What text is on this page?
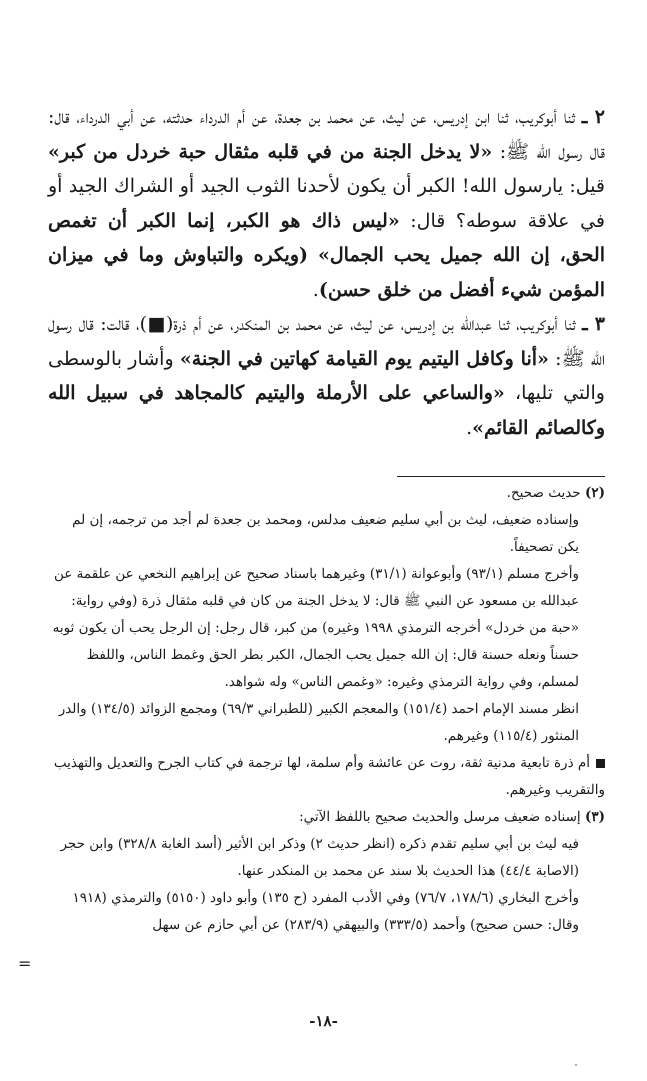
٢ ـ ثنا أبوكريب، ثنا ابن إدريس، عن ليث، عن محمد بن جعدة، عن أم الدرداء حدثته، عن أبي الدرداء، قال: قال رسول الله ﷺ: «لا يدخل الجنة من في قلبه مثقال حبة خردل من كبر» قيل: يارسول الله! الكبر أن يكون لأحدنا الثوب الجيد أو الشراك الجيد أو في علاقة سوطه؟ قال: «ليس ذاك هو الكبر، إنما الكبر أن تغمص الحق، إن الله جميل يحب الجمال» (ويكره والتباوش وما في ميزان المؤمن شيء أفضل من خلق حسن).

٣ ـ ثنا أبوكريب، ثنا عبدالله بن إدريس، عن ليث، عن محمد بن المنكدر، عن أم ذرة(■)، قالت: قال رسول الله ﷺ: «أنا وكافل اليتيم يوم القيامة كهاتين في الجنة» وأشار بالوسطى والتي تليها، «والساعي على الأرملة واليتيم كالمجاهد في سبيل الله وكالصائم القائم».

(٢) حديث صحيح.

وإسناده ضعيف، ليث بن أبي سليم ضعيف مدلس، ومحمد بن جعدة لم أجد من ترجمه، إن لم يكن تصحيفاً.

وأخرج مسلم (٩٣/١) وأبوعوانة (٣١/١) وغيرهما باسناد صحيح عن إبراهيم النخعي عن علقمة عن عبدالله بن مسعود عن النبي ﷺ قال: لا يدخل الجنة من كان في قلبه مثقال ذرة (وفي رواية: «حبة من خردل» أخرجه الترمذي ١٩٩٨ وغيره) من كبر، قال رجل: إن الرجل يحب أن يكون ثوبه حسناً ونعله حسنة قال: إن الله جميل يحب الجمال، الكبر بطر الحق وغمط الناس، واللفظ لمسلم، وفي رواية الترمذي وغيره: «وغمص الناس» وله شواهد.

انظر مسند الإمام احمد (١٥١/٤) والمعجم الكبير (للطبراني ٦٩/٣) ومجمع الزوائد (١٣٤/٥) والدر المنثور (١١٥/٤) وغيرهم.

أم ذرة تابعية مدنية ثقة، روت عن عائشة وأم سلمة، لها ترجمة في كتاب الجرح والتعديل والتهذيب والتقريب وغيرهم.

(٣) إسناده ضعيف مرسل والحديث صحيح باللفظ الآتي:

فيه ليث بن أبي سليم تقدم ذكره (انظر حديث ٢) وذكر ابن الأثير (أسد الغابة ٣٢٨/٨) وابن حجر (الاصابة ٤٤/٤) هذا الحديث بلا سند عن محمد بن المنكدر عنها.

وأخرج البخاري (١٧٨/٦، ٧٦/٧) وفي الأدب المفرد (ح ١٣٥) وأبو داود (٥١٥٠) والترمذي (١٩١٨ وقال: حسن صحيح) وأحمد (٣٣٣/٥) والبيهقي (٢٨٣/٩) عن أبي حازم عن سهل

=
-١٨-
